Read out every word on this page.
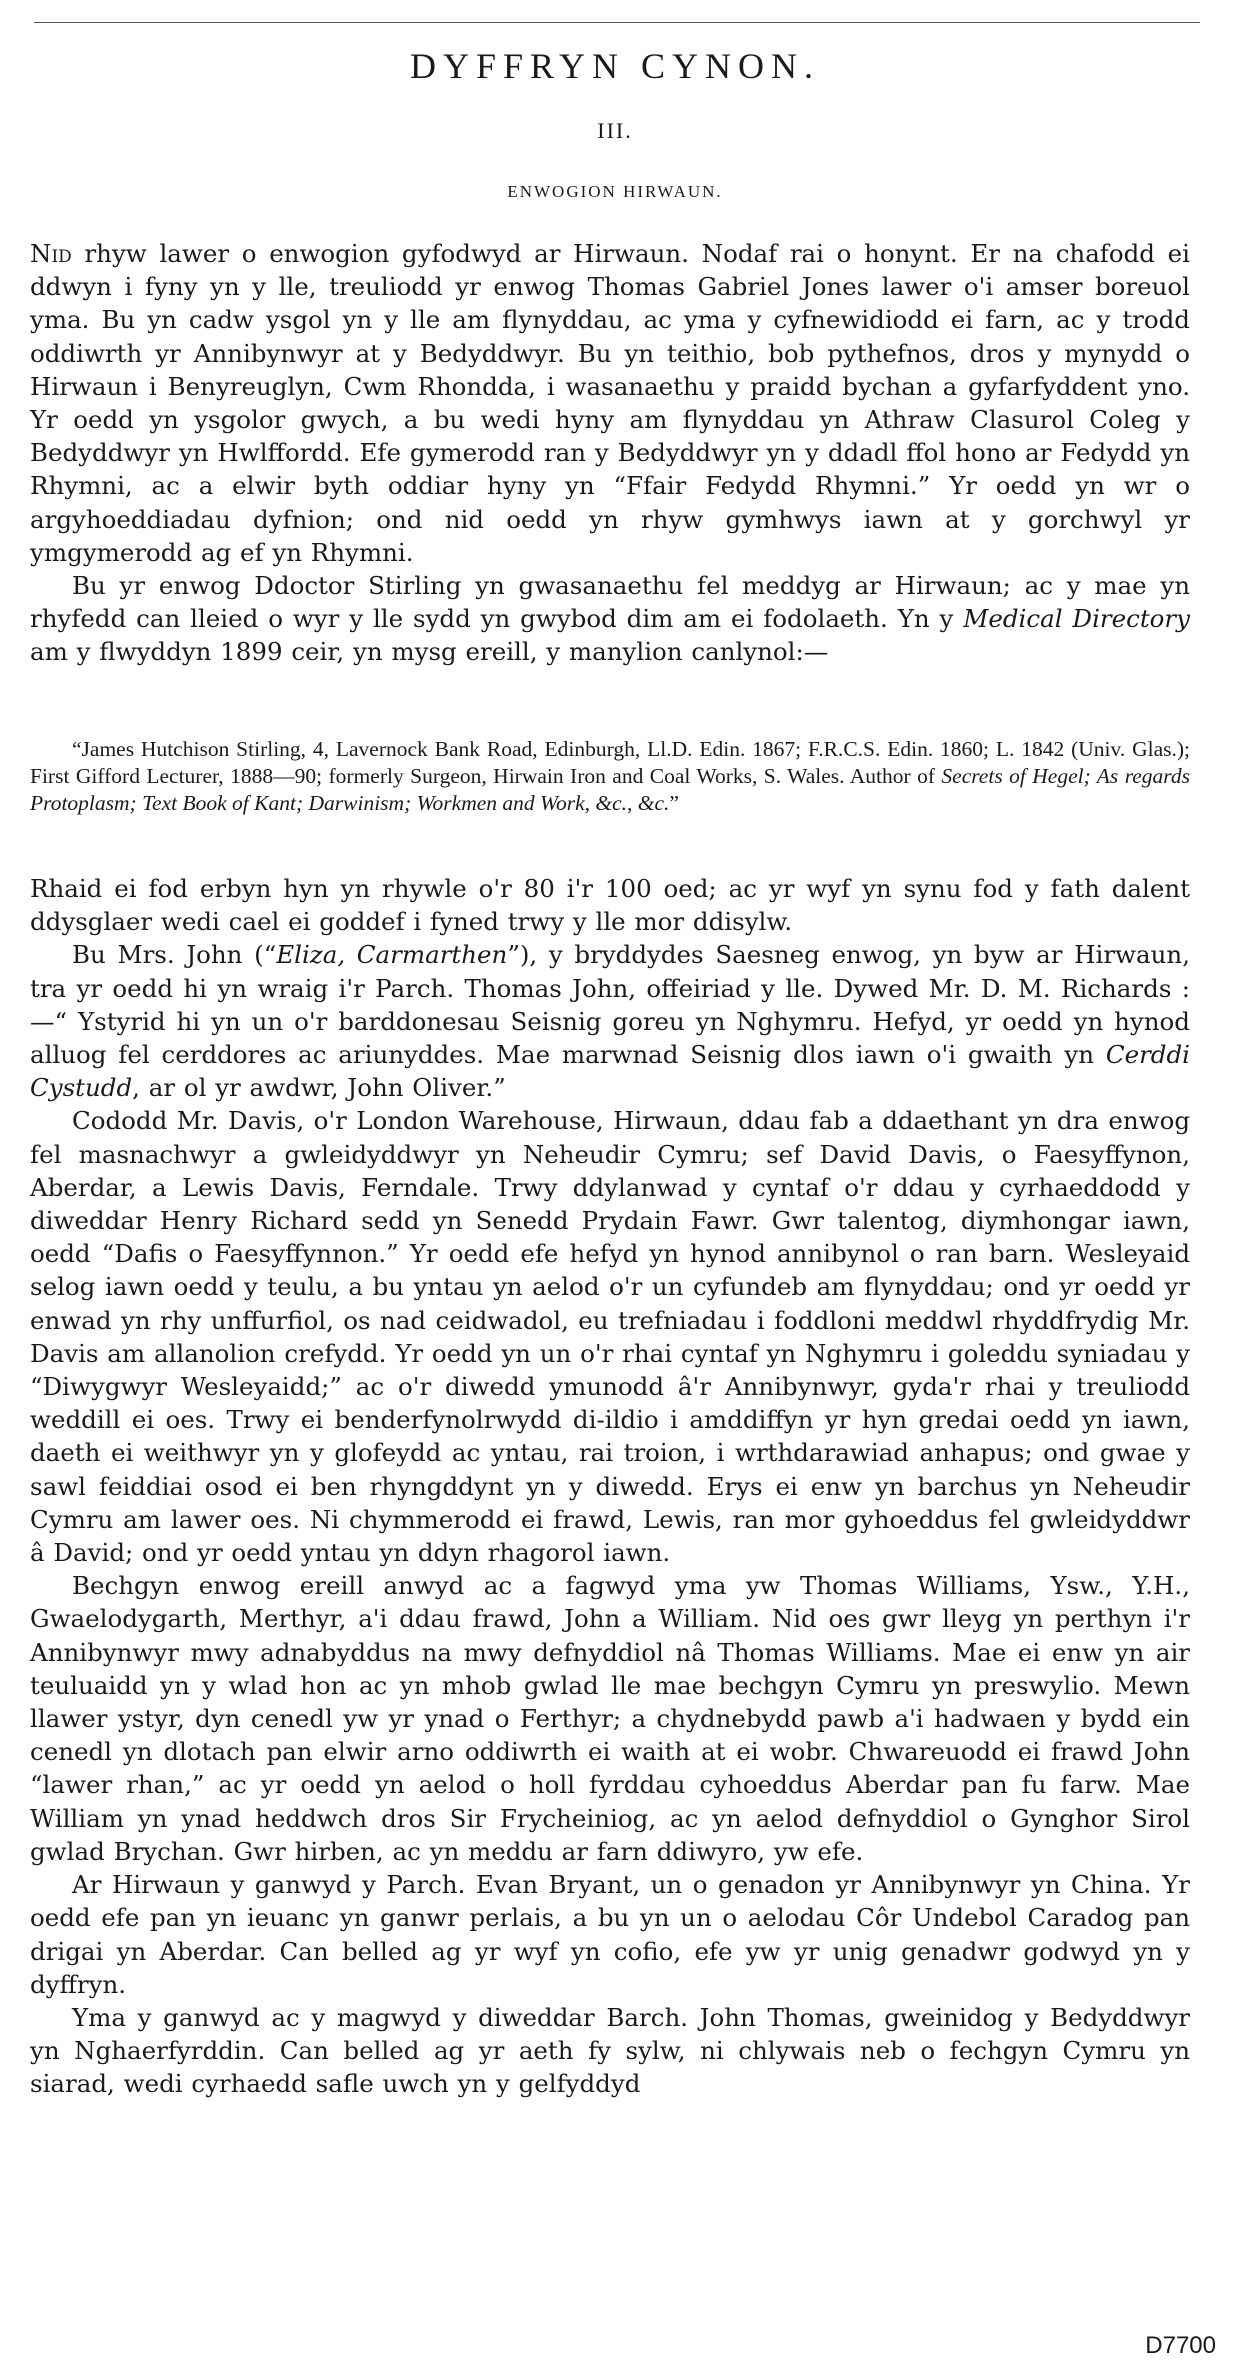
DYFFRYN CYNON.
III.
ENWOGION HIRWAUN.

Nid rhyw lawer o enwogion gyfodwyd ar Hirwaun. Nodaf rai o honynt. Er na chafodd ei ddwyn i fyny yn y lle, treuliodd yr enwog Thomas Gabriel Jones lawer o'i amser boreuol yma. Bu yn cadw ysgol yn y lle am flynyddau, ac yma y cyfnewidiodd ei farn, ac y trodd oddiwrth yr Annibynwyr at y Bedyddwyr. Bu yn teithio, bob pythefnos, dros y mynydd o Hirwaun i Benyreuglyn, Cwm Rhondda, i wasanaethu y praidd bychan a gyfarfyddent yno. Yr oedd yn ysgolor gwych, a bu wedi hyny am flynyddau yn Athraw Clasurol Coleg y Bedyddwyr yn Hwlffordd. Efe gymerodd ran y Bedyddwyr yn y ddadl ffol hono ar Fedydd yn Rhymni, ac a elwir byth oddiar hyny yn “Ffair Fedydd Rhymni.” Yr oedd yn wr o argyhoeddiadau dyfnion; ond nid oedd yn rhyw gymhwys iawn at y gorchwyl yr ymgymerodd ag ef yn Rhymni.

Bu yr enwog Ddoctor Stirling yn gwasanaethu fel meddyg ar Hirwaun; ac y mae yn rhyfedd can lleied o wyr y lle sydd yn gwybod dim am ei fodolaeth. Yn y Medical Directory am y flwyddyn 1899 ceir, yn mysg ereill, y manylion canlynol:—

“James Hutchison Stirling, 4, Lavernock Bank Road, Edinburgh, Ll.D. Edin. 1867; F.R.C.S. Edin. 1860; L. 1842 (Univ. Glas.); First Gifford Lecturer, 1888—90; formerly Surgeon, Hirwain Iron and Coal Works, S. Wales. Author of Secrets of Hegel; As regards Protoplasm; Text Book of Kant; Darwinism; Workmen and Work, &c., &c.”

Rhaid ei fod erbyn hyn yn rhywle o'r 80 i'r 100 oed; ac yr wyf yn synu fod y fath dalent ddysglaer wedi cael ei goddef i fyned trwy y lle mor ddisylw.

Bu Mrs. John (“Eliza, Carmarthen”), y bryddydes Saesneg enwog, yn byw ar Hirwaun, tra yr oedd hi yn wraig i'r Parch. Thomas John, offeiriad y lle. Dywed Mr. D. M. Richards :—“ Ystyrid hi yn un o'r barddonesau Seisnig goreu yn Nghymru. Hefyd, yr oedd yn hynod alluog fel cerddores ac ariunyddes. Mae marwnad Seisnig dlos iawn o'i gwaith yn Cerddi Cystudd, ar ol yr awdwr, John Oliver.”

Cododd Mr. Davis, o'r London Warehouse, Hirwaun, ddau fab a ddaethant yn dra enwog fel masnachwyr a gwleidyddwyr yn Neheudir Cymru; sef David Davis, o Faesyffynon, Aberdar, a Lewis Davis, Ferndale. Trwy ddylanwad y cyntaf o'r ddau y cyrhaeddodd y diweddar Henry Richard sedd yn Senedd Prydain Fawr. Gwr talentog, diymhongar iawn, oedd “Dafis o Faesyffynnon.” Yr oedd efe hefyd yn hynod annibynol o ran barn. Wesleyaid selog iawn oedd y teulu, a bu yntau yn aelod o'r un cyfundeb am flynyddau; ond yr oedd yr enwad yn rhy unffurfiol, os nad ceidwadol, eu trefniadau i foddloni meddwl rhyddfrydig Mr. Davis am allanolion crefydd. Yr oedd yn un o'r rhai cyntaf yn Nghymru i goleddu syniadau y “Diwygwyr Wesleyaidd;” ac o'r diwedd ymunodd â'r Annibynwyr, gyda'r rhai y treuliodd weddill ei oes. Trwy ei benderfynolrwydd di-ildio i amddiffyn yr hyn gredai oedd yn iawn, daeth ei weithwyr yn y glofeydd ac yntau, rai troion, i wrthdarawiad anhapus; ond gwae y sawl feiddiai osod ei ben rhyngddynt yn y diwedd. Erys ei enw yn barchus yn Neheudir Cymru am lawer oes. Ni chymmerodd ei frawd, Lewis, ran mor gyhoeddus fel gwleidyddwr â David; ond yr oedd yntau yn ddyn rhagorol iawn.

Bechgyn enwog ereill anwyd ac a fagwyd yma yw Thomas Williams, Ysw., Y.H., Gwaelodygarth, Merthyr, a'i ddau frawd, John a William. Nid oes gwr lleyg yn perthyn i'r Annibynwyr mwy adnabyddus na mwy defnyddiol nâ Thomas Williams. Mae ei enw yn air teuluaidd yn y wlad hon ac yn mhob gwlad lle mae bechgyn Cymru yn preswylio. Mewn llawer ystyr, dyn cenedl yw yr ynad o Ferthyr; a chydnebydd pawb a'i hadwaen y bydd ein cenedl yn dlotach pan elwir arno oddiwrth ei waith at ei wobr. Chwareuodd ei frawd John “lawer rhan,” ac yr oedd yn aelod o holl fyrddau cyhoeddus Aberdar pan fu farw. Mae William yn ynad heddwch dros Sir Frycheiniog, ac yn aelod defnyddiol o Gynghor Sirol gwlad Brychan. Gwr hirben, ac yn meddu ar farn ddiwyro, yw efe.

Ar Hirwaun y ganwyd y Parch. Evan Bryant, un o genadon yr Annibynwyr yn China. Yr oedd efe pan yn ieuanc yn ganwr perlais, a bu yn un o aelodau Côr Undebol Caradog pan drigai yn Aberdar. Can belled ag yr wyf yn cofio, efe yw yr unig genadwr godwyd yn y dyffryn.

Yma y ganwyd ac y magwyd y diweddar Barch. John Thomas, gweinidog y Bedyddwyr yn Nghaerfyrddin. Can belled ag yr aeth fy sylw, ni chlywais neb o fechgyn Cymru yn siarad, wedi cyrhaedd safle uwch yn y gelfyddyd

D7700
